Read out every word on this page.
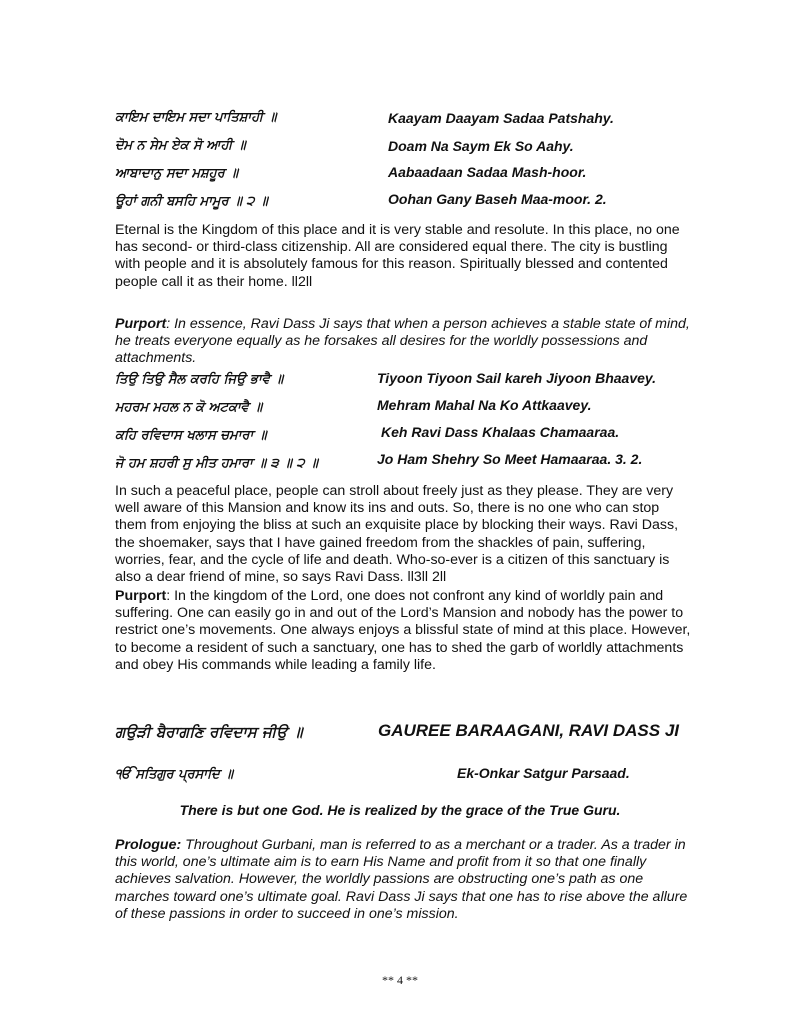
ਕਾਇਮ ਦਾਇਮ ਸਦਾ ਪਾਤਿਸ਼ਾਹੀ ॥	Kaayam Daayam Sadaa Patshahy.
ਦੋਮ ਨ ਸੇਮ ਏਕ ਸੋ ਆਹੀ ॥	Doam Na Saym Ek So Aahy.
ਆਬਾਦਾਨੁ ਸਦਾ ਮਸ਼ਹੂਰ ॥	Aabaadaan Sadaa Mash-hoor.
ਊਹਾਂ ਗਨੀ ਬਸਹਿ ਮਾਮੂਰ ॥ ੨ ॥	Oohan Gany Baseh Maa-moor. 2.

Eternal is the Kingdom of this place and it is very stable and resolute. In this place, no one has second- or third-class citizenship. All are considered equal there. The city is bustling with people and it is absolutely famous for this reason. Spiritually blessed and contented people call it as their home. ll2ll

Purport: In essence, Ravi Dass Ji says that when a person achieves a stable state of mind, he treats everyone equally as he forsakes all desires for the worldly possessions and attachments.

ਤਿਉ ਤਿਉ ਸੈਲ ਕਰਹਿ ਜਿਉ ਭਾਵੈ ॥	Tiyoon Tiyoon Sail kareh Jiyoon Bhaavey.
ਮਹਰਮ ਮਹਲ ਨ ਕੋ ਅਟਕਾਵੈ ॥	Mehram Mahal Na Ko Attkaavey.
ਕਹਿ ਰਵਿਦਾਸ ਖਲਾਸ ਚਮਾਰਾ ॥	Keh Ravi Dass Khalaas Chamaaraa.
ਜੋ ਹਮ ਸ਼ਹਰੀ ਸੁ ਮੀਤ ਹਮਾਰਾ ॥ ੩ ॥ ੨ ॥	Jo Ham Shehry So Meet Hamaaraa. 3. 2.

In such a peaceful place, people can stroll about freely just as they please. They are very well aware of this Mansion and know its ins and outs. So, there is no one who can stop them from enjoying the bliss at such an exquisite place by blocking their ways. Ravi Dass, the shoemaker, says that I have gained freedom from the shackles of pain, suffering, worries, fear, and the cycle of life and death. Who-so-ever is a citizen of this sanctuary is also a dear friend of mine, so says Ravi Dass. ll3ll 2ll

Purport: In the kingdom of the Lord, one does not confront any kind of worldly pain and suffering. One can easily go in and out of the Lord’s Mansion and nobody has the power to restrict one’s movements. One always enjoys a blissful state of mind at this place. However, to become a resident of such a sanctuary, one has to shed the garb of worldly attachments and obey His commands while leading a family life.

ਗਉੜੀ ਬੈਰਾਗਣਿ ਰਵਿਦਾਸ ਜੀਉ ॥	GAUREE BARAAGANI, RAVI DASS JI
ੴ ਸਤਿਗੁਰ ਪ੍ਰਸਾਦਿ ॥	Ek-Onkar Satgur Parsaad.
There is but one God. He is realized by the grace of the True Guru.

Prologue: Throughout Gurbani, man is referred to as a merchant or a trader. As a trader in this world, one’s ultimate aim is to earn His Name and profit from it so that one finally achieves salvation. However, the worldly passions are obstructing one’s path as one marches toward one’s ultimate goal. Ravi Dass Ji says that one has to rise above the allure of these passions in order to succeed in one’s mission.

** 4 **
